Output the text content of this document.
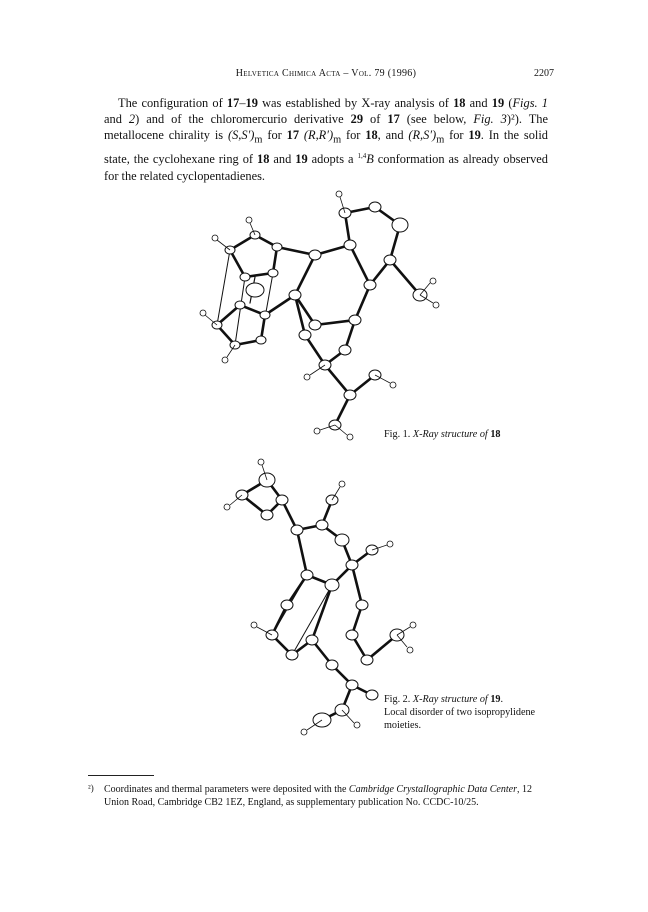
Helvetica Chimica Acta – Vol. 79 (1996)	2207

The configuration of 17–19 was established by X-ray analysis of 18 and 19 (Figs. 1 and 2) and of the chloromercurio derivative 29 of 17 (see below, Fig. 3)²). The metallocene chirality is $(S,S')_m$ for 17 $(R,R')_m$ for 18, and $(R,S')_m$ for 19. In the solid state, the cyclohexane ring of 18 and 19 adopts a $^{1,4}$B conformation as already observed for the related cyclopentadienes.

Fig. 1. X-Ray structure of 18
Fig. 2. X-Ray structure of 19.
Local disorder of two isopropylidene moieties.
²) Coordinates and thermal parameters were deposited with the Cambridge Crystallographic Data Center, 12 Union Road, Cambridge CB2 1EZ, England, as supplementary publication No. CCDC-10/25.
